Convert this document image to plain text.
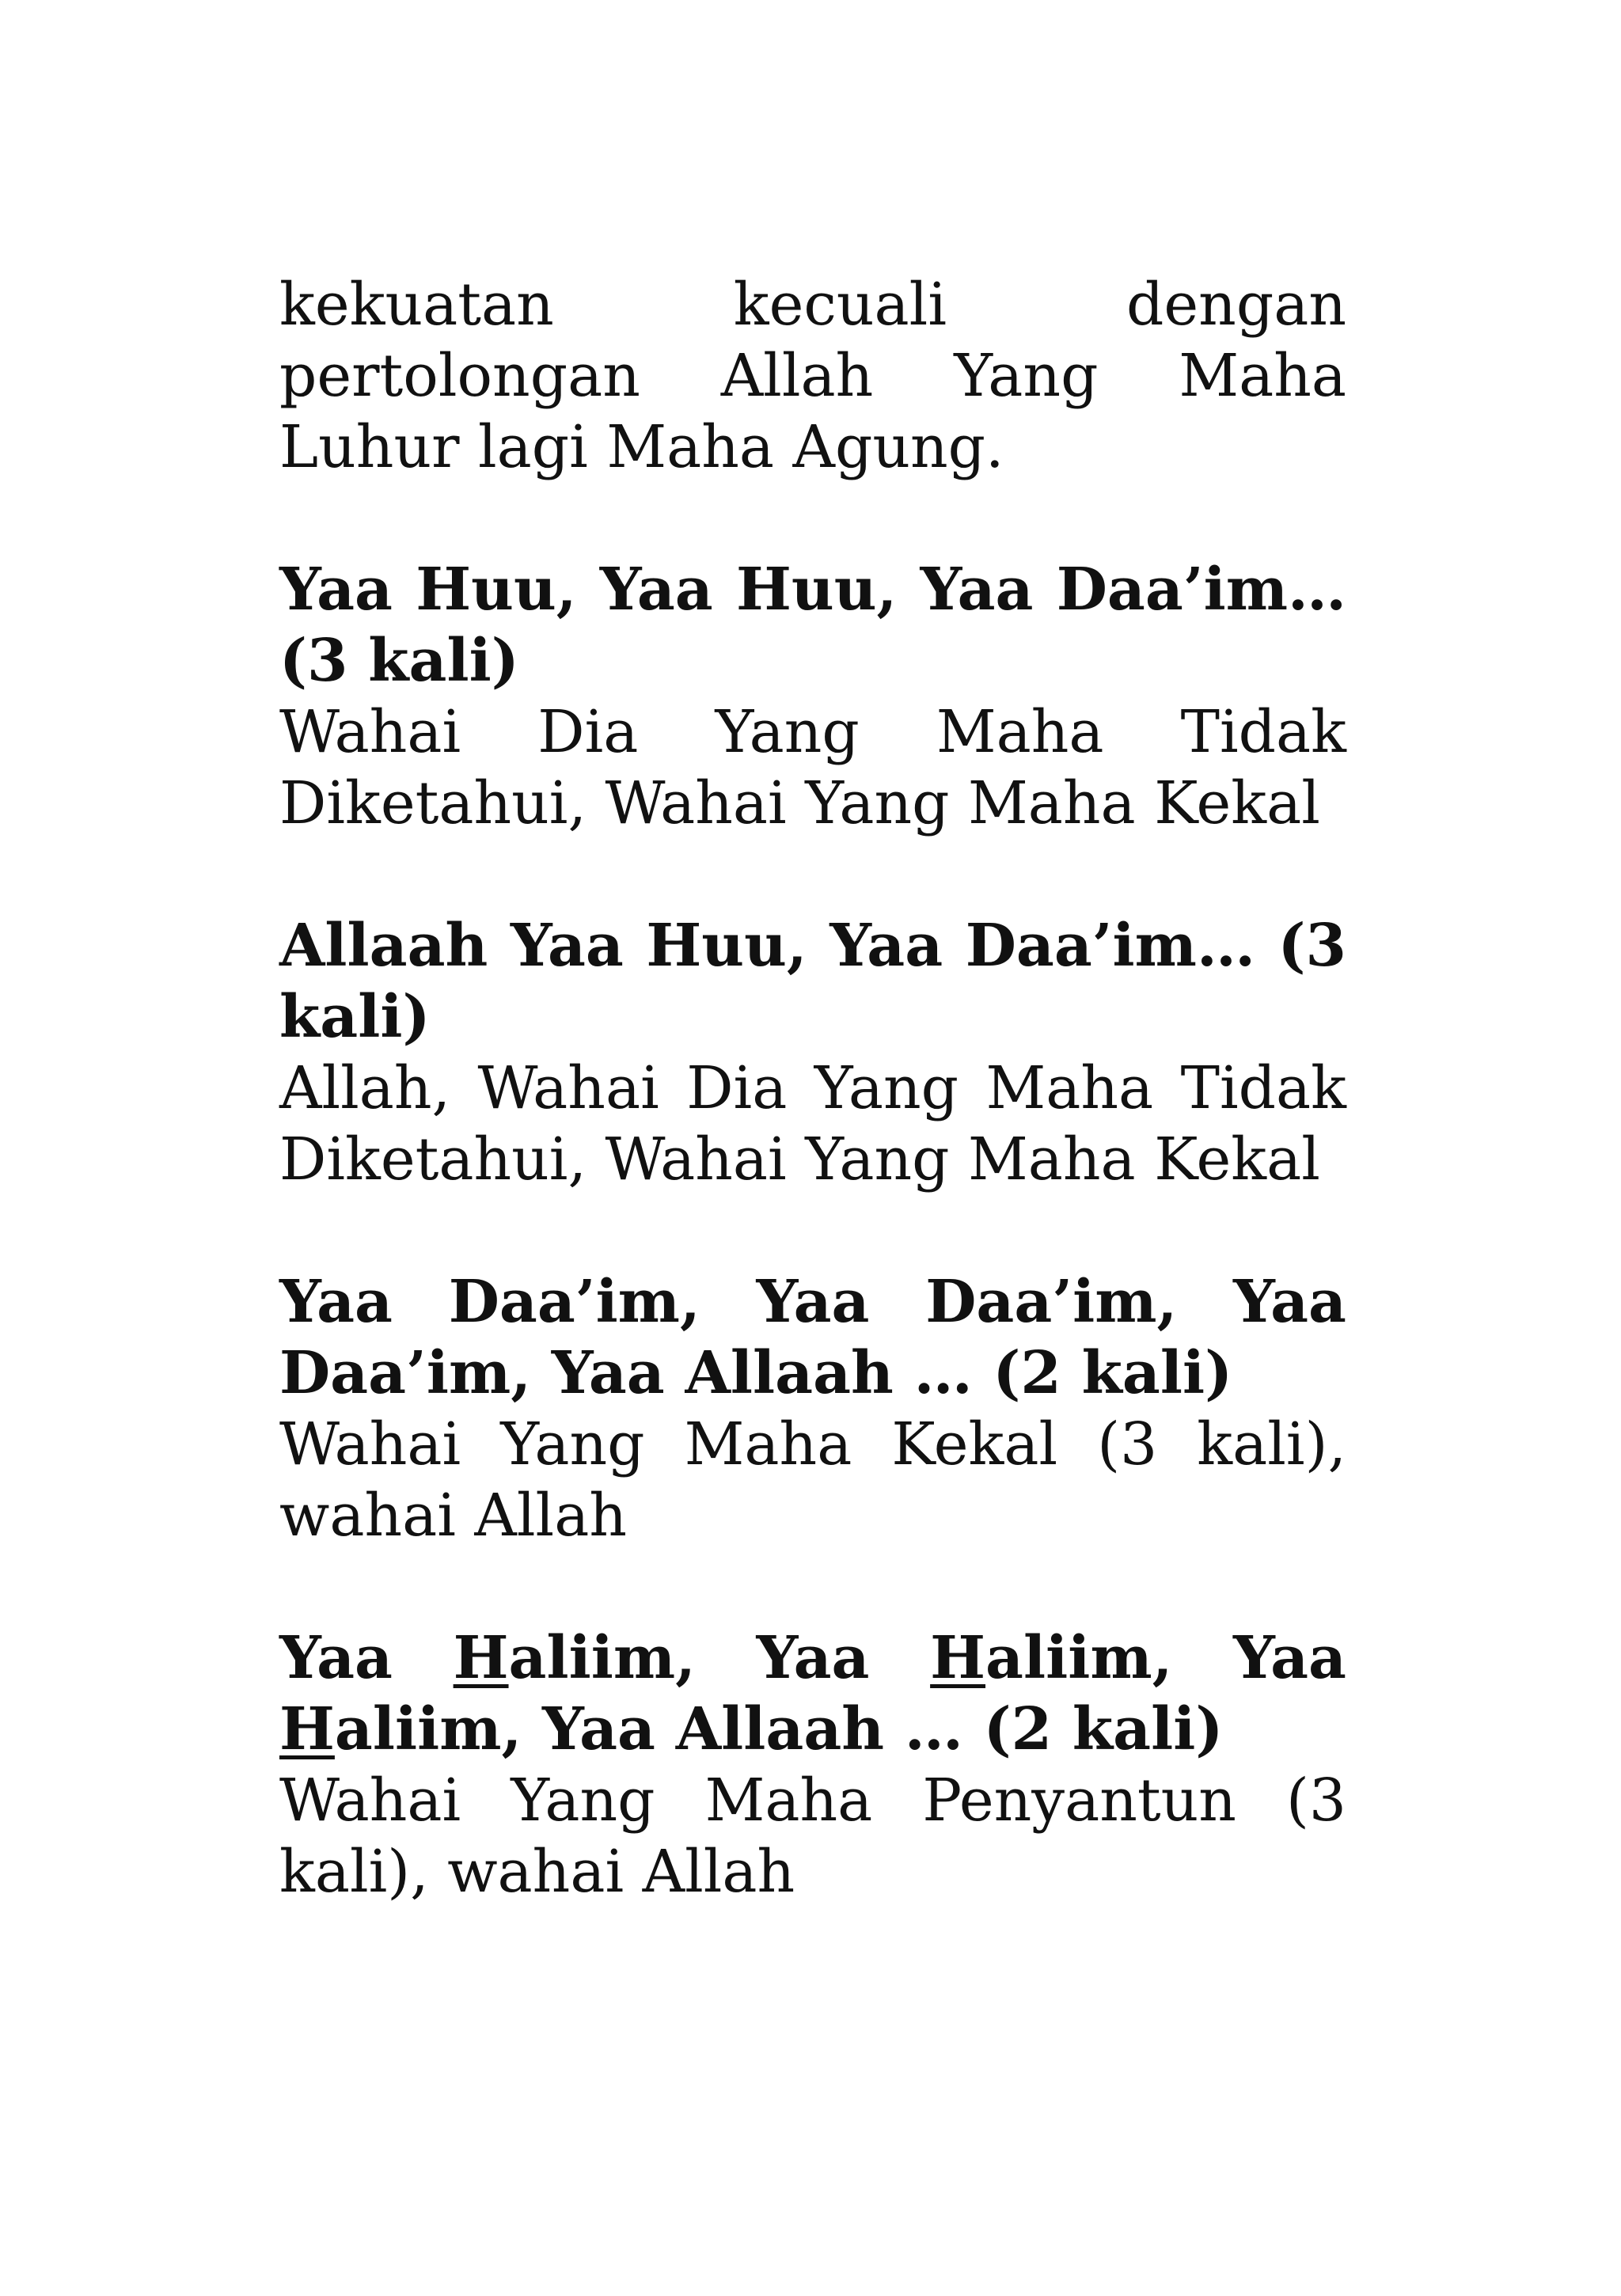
kekuatan kecuali dengan pertolongan Allah Yang Maha Luhur lagi Maha Agung.

Yaa Huu, Yaa Huu, Yaa Daa’im… (3 kali)

Wahai Dia Yang Maha Tidak Diketahui, Wahai Yang Maha Kekal

Allaah Yaa Huu, Yaa Daa’im… (3 kali)

Allah, Wahai Dia Yang Maha Tidak Diketahui, Wahai Yang Maha Kekal

Yaa Daa’im, Yaa Daa’im, Yaa Daa’im, Yaa Allaah … (2 kali)

Wahai Yang Maha Kekal (3 kali), wahai Allah

Yaa Haliim, Yaa Haliim, Yaa Haliim, Yaa Allaah … (2 kali)

Wahai Yang Maha Penyantun (3 kali), wahai Allah
